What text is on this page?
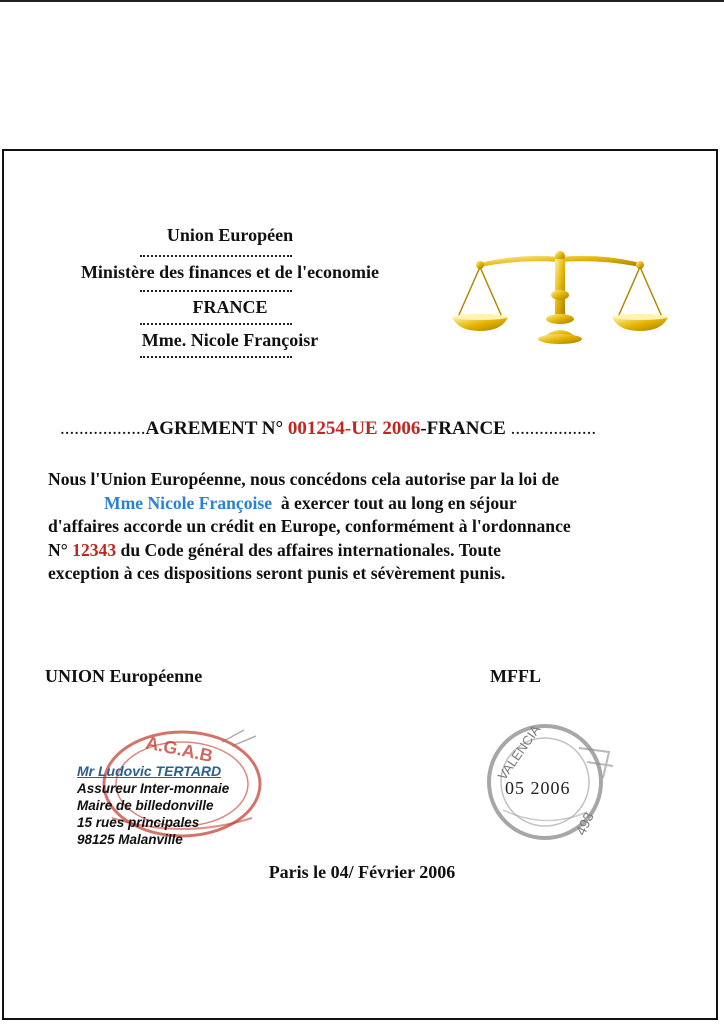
Union Européen
Ministère des finances et de l'economie
FRANCE
Mme. Nicole Françoisr
..................AGREMENT N° 001254-UE 2006-FRANCE ..................
Nous l'Union Européenne, nous concédons cela autorise par la loi de
Mme Nicole Françoise à exercer tout au long en séjour
d'affaires accorde un crédit en Europe, conformément à l'ordonnance
N° 12343 du Code général des affaires internationales. Toute
exception à ces dispositions seront punis et sévèrement punis.
UNION Européenne	MFFL
A.G.A.B
Mr Ludovic TERTARD
Assureur Inter-monnaie
Maire de billedonville
15 rues principales
98125 Malanville
VALENCIA
493
05 2006
Paris le 04/ Février 2006
